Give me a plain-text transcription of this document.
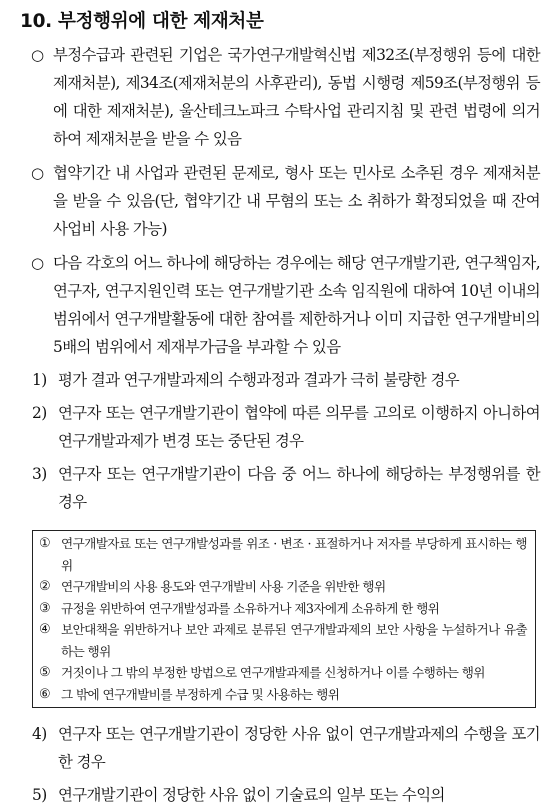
10. 부정행위에 대한 제재처분

○ 부정수급과 관련된 기업은 국가연구개발혁신법 제32조(부정행위 등에 대한 제재처분), 제34조(제재처분의 사후관리), 동법 시행령 제59조(부정행위 등에 대한 제재처분), 울산테크노파크 수탁사업 관리지침 및 관련 법령에 의거하여 제재처분을 받을 수 있음

○ 협약기간 내 사업과 관련된 문제로, 형사 또는 민사로 소추된 경우 제재처분을 받을 수 있음(단, 협약기간 내 무혐의 또는 소 취하가 확정되었을 때 잔여 사업비 사용 가능)

○ 다음 각호의 어느 하나에 해당하는 경우에는 해당 연구개발기관, 연구책임자, 연구자, 연구지원인력 또는 연구개발기관 소속 임직원에 대하여 10년 이내의 범위에서 연구개발활동에 대한 참여를 제한하거나 이미 지급한 연구개발비의 5배의 범위에서 제재부가금을 부과할 수 있음

1) 평가 결과 연구개발과제의 수행과정과 결과가 극히 불량한 경우

2) 연구자 또는 연구개발기관이 협약에 따른 의무를 고의로 이행하지 아니하여 연구개발과제가 변경 또는 중단된 경우

3) 연구자 또는 연구개발기관이 다음 중 어느 하나에 해당하는 부정행위를 한 경우

① 연구개발자료 또는 연구개발성과를 위조 · 변조 · 표절하거나 저자를 부당하게 표시하는 행위
② 연구개발비의 사용 용도와 연구개발비 사용 기준을 위반한 행위
③ 규정을 위반하여 연구개발성과를 소유하거나 제3자에게 소유하게 한 행위
④ 보안대책을 위반하거나 보안 과제로 분류된 연구개발과제의 보안 사항을 누설하거나 유출하는 행위
⑤ 거짓이나 그 밖의 부정한 방법으로 연구개발과제를 신청하거나 이를 수행하는 행위
⑥ 그 밖에 연구개발비를 부정하게 수급 및 사용하는 행위

4) 연구자 또는 연구개발기관이 정당한 사유 없이 연구개발과제의 수행을 포기한 경우

5) 연구개발기관이 정당한 사유 없이 기술료의 일부 또는 수익의
